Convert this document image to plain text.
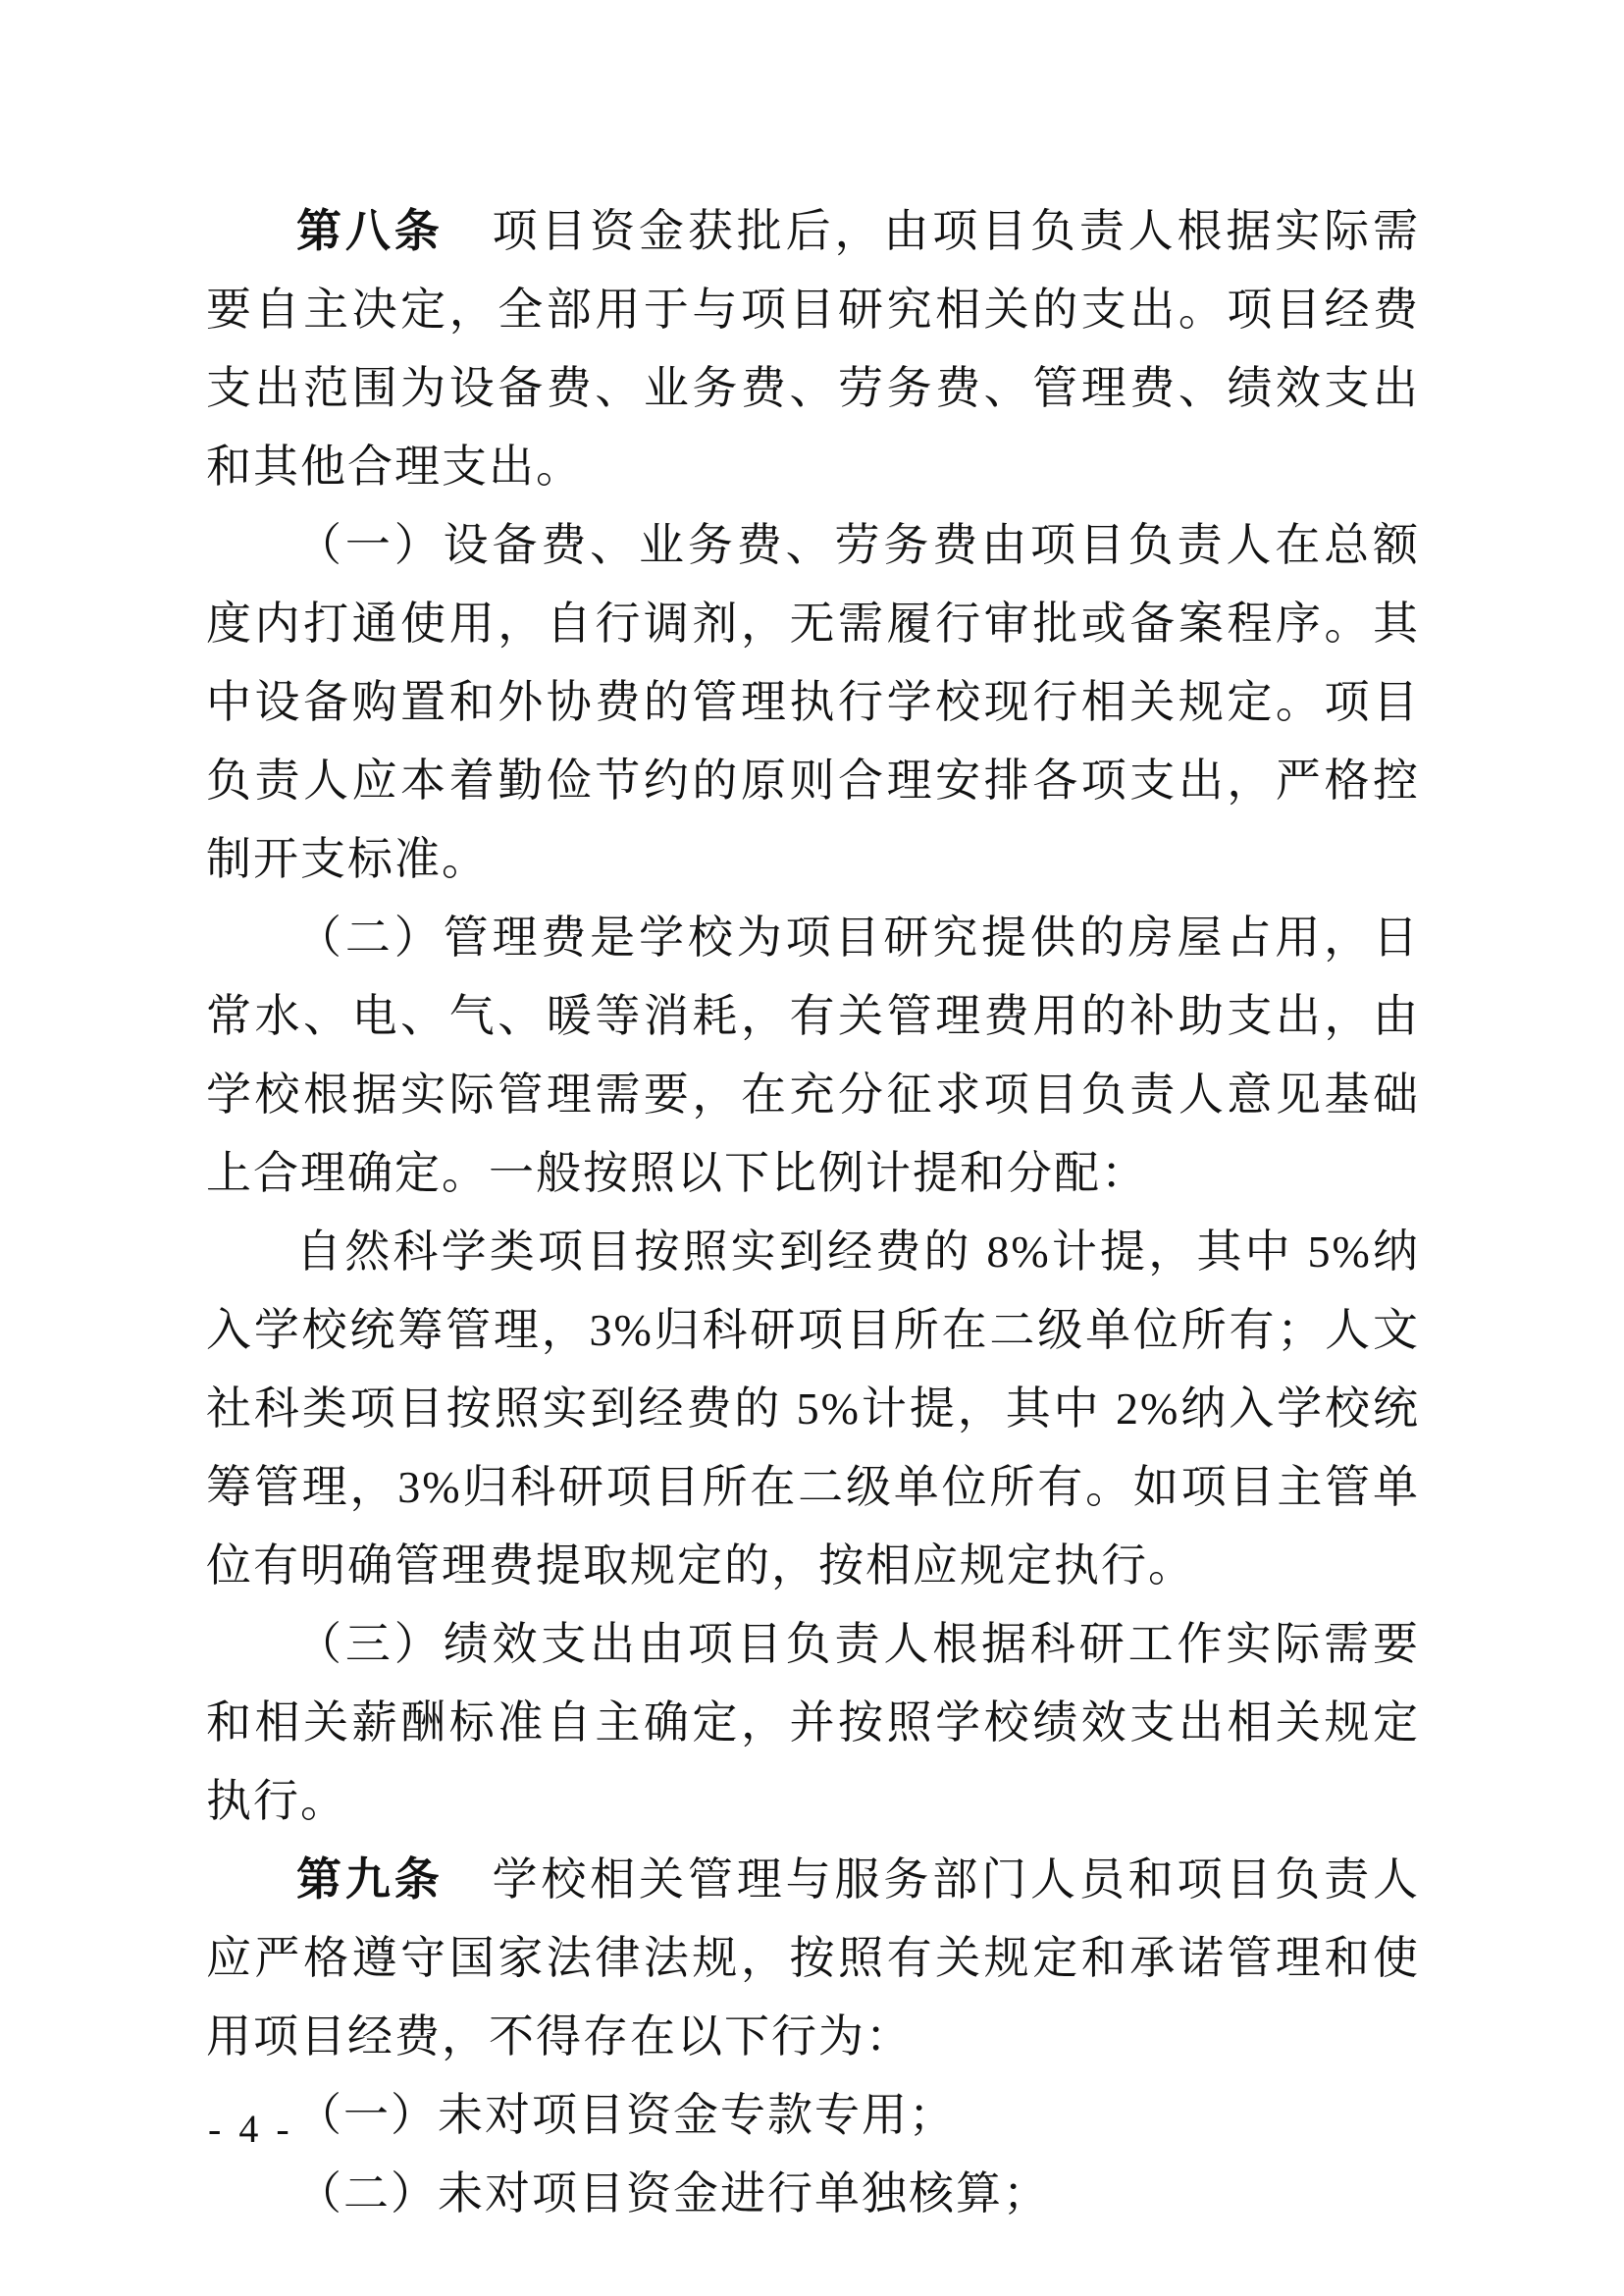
第八条　项目资金获批后，由项目负责人根据实际需要自主决定，全部用于与项目研究相关的支出。项目经费支出范围为设备费、业务费、劳务费、管理费、绩效支出和其他合理支出。

（一）设备费、业务费、劳务费由项目负责人在总额度内打通使用，自行调剂，无需履行审批或备案程序。其中设备购置和外协费的管理执行学校现行相关规定。项目负责人应本着勤俭节约的原则合理安排各项支出，严格控制开支标准。

（二）管理费是学校为项目研究提供的房屋占用，日常水、电、气、暖等消耗，有关管理费用的补助支出，由学校根据实际管理需要，在充分征求项目负责人意见基础上合理确定。一般按照以下比例计提和分配：

自然科学类项目按照实到经费的 8%计提，其中 5%纳入学校统筹管理，3%归科研项目所在二级单位所有；人文社科类项目按照实到经费的 5%计提，其中 2%纳入学校统筹管理，3%归科研项目所在二级单位所有。如项目主管单位有明确管理费提取规定的，按相应规定执行。

（三）绩效支出由项目负责人根据科研工作实际需要和相关薪酬标准自主确定，并按照学校绩效支出相关规定执行。

第九条　学校相关管理与服务部门人员和项目负责人应严格遵守国家法律法规，按照有关规定和承诺管理和使用项目经费，不得存在以下行为：

（一）未对项目资金专款专用；

（二）未对项目资金进行单独核算；

- 4 -
